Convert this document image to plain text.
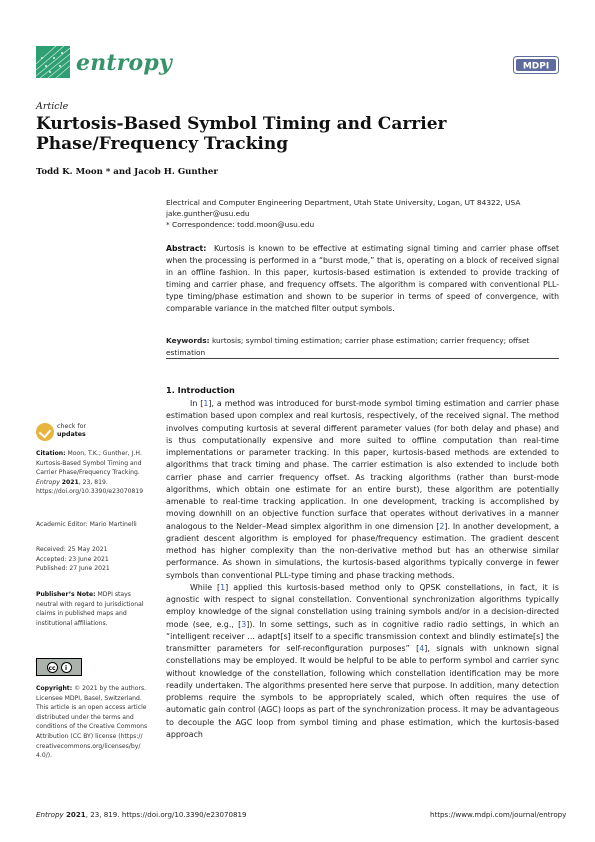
entropy	MDPI
Article
Kurtosis-Based Symbol Timing and Carrier Phase/Frequency Tracking
Todd K. Moon * and Jacob H. Gunther
Electrical and Computer Engineering Department, Utah State University, Logan, UT 84322, USA
jake.gunther@usu.edu
* Correspondence: todd.moon@usu.edu
Abstract: Kurtosis is known to be effective at estimating signal timing and carrier phase offset when the processing is performed in a “burst mode,” that is, operating on a block of received signal in an offline fashion. In this paper, kurtosis-based estimation is extended to provide tracking of timing and carrier phase, and frequency offsets. The algorithm is compared with conventional PLL-type timing/phase estimation and shown to be superior in terms of speed of convergence, with comparable variance in the matched filter output symbols.
Keywords: kurtosis; symbol timing estimation; carrier phase estimation; carrier frequency; offset estimation
1. Introduction

In [1], a method was introduced for burst-mode symbol timing estimation and carrier phase estimation based upon complex and real kurtosis, respectively, of the received signal. The method involves computing kurtosis at several different parameter values (for both delay and phase) and is thus computationally expensive and more suited to offline computation than real-time implementations or parameter tracking. In this paper, kurtosis-based methods are extended to algorithms that track timing and phase. The carrier estimation is also extended to include both carrier phase and carrier frequency offset. As tracking algorithms (rather than burst-mode algorithms, which obtain one estimate for an entire burst), these algorithm are potentially amenable to real-time tracking application. In one development, tracking is accomplished by moving downhill on an objective function surface that operates without derivatives in a manner analogous to the Nelder–Mead simplex algorithm in one dimension [2]. In another development, a gradient descent algorithm is employed for phase/frequency estimation. The gradient descent method has higher complexity than the non-derivative method but has an otherwise similar performance. As shown in simulations, the kurtosis-based algorithms typically converge in fewer symbols than conventional PLL-type timing and phase tracking methods.

While [1] applied this kurtosis-based method only to QPSK constellations, in fact, it is agnostic with respect to signal constellation. Conventional synchronization algorithms typically employ knowledge of the signal constellation using training symbols and/or in a decision-directed mode (see, e.g., [3]). In some settings, such as in cognitive radio radio settings, in which an “intelligent receiver ... adapt[s] itself to a specific transmission context and blindly estimate[s] the transmitter parameters for self-reconfiguration purposes” [4], signals with unknown signal constellations may be employed. It would be helpful to be able to perform symbol and carrier sync without knowledge of the constellation, following which constellation identification may be more readily undertaken. The algorithms presented here serve that purpose. In addition, many detection problems require the symbols to be appropriately scaled, which often requires the use of automatic gain control (AGC) loops as part of the synchronization process. It may be advantageous to decouple the AGC loop from symbol timing and phase estimation, which the kurtosis-based approach

check for
updates
Citation: Moon, T.K.; Gunther, J.H. Kurtosis-Based Symbol Timing and Carrier Phase/Frequency Tracking. Entropy 2021, 23, 819. https://doi.org/10.3390/e23070819
Academic Editor: Mario Martinelli
Received: 25 May 2021
Accepted: 23 June 2021
Published: 27 June 2021
Publisher’s Note: MDPI stays neutral with regard to jurisdictional claims in published maps and institutional affiliations.
cc	i
Copyright: © 2021 by the authors. Licensee MDPI, Basel, Switzerland. This article is an open access article distributed under the terms and conditions of the Creative Commons Attribution (CC BY) license (https:// creativecommons.org/licenses/by/ 4.0/).
Entropy 2021, 23, 819. https://doi.org/10.3390/e23070819	https://www.mdpi.com/journal/entropy
